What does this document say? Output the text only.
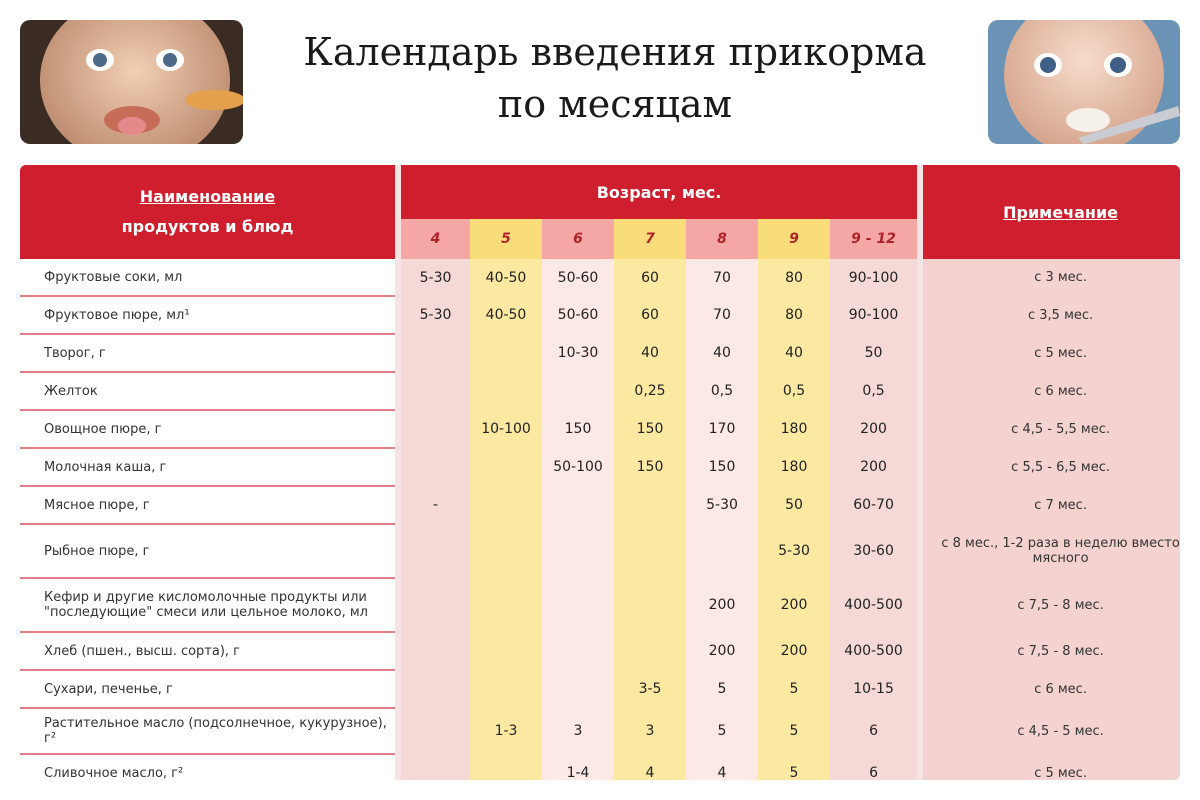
Календарь введения прикорма
по месяцам
Наименование
продуктов и блюд	Возраст, мес.							Примечание
	4	5	6	7	8	9	9 - 12	
Фруктовые соки, мл	5-30	40-50	50-60	60	70	80	90-100	с 3 мес.
Фруктовое пюре, мл¹	5-30	40-50	50-60	60	70	80	90-100	с 3,5 мес.
Творог, г			10-30	40	40	40	50	с 5 мес.
Желток				0,25	0,5	0,5	0,5	с 6 мес.
Овощное пюре, г		10-100	150	150	170	180	200	с 4,5 - 5,5 мес.
Молочная каша, г			50-100	150	150	180	200	с 5,5 - 6,5 мес.
Мясное пюре, г	-				5-30	50	60-70	с 7 мес.
Рыбное пюре, г						5-30	30-60	с 8 мес., 1-2 раза в неделю вместо мясного
Кефир и другие кисломолочные продукты или "последующие" смеси или цельное молоко, мл					200	200	400-500	с 7,5 - 8 мес.
Хлеб (пшен., высш. сорта), г					200	200	400-500	с 7,5 - 8 мес.
Сухари, печенье, г				3-5	5	5	10-15	с 6 мес.
Растительное масло (подсолнечное, кукурузное), г²		1-3	3	3	5	5	6	с 4,5 - 5 мес.
Сливочное масло, г²			1-4	4	4	5	6	с 5 мес.
